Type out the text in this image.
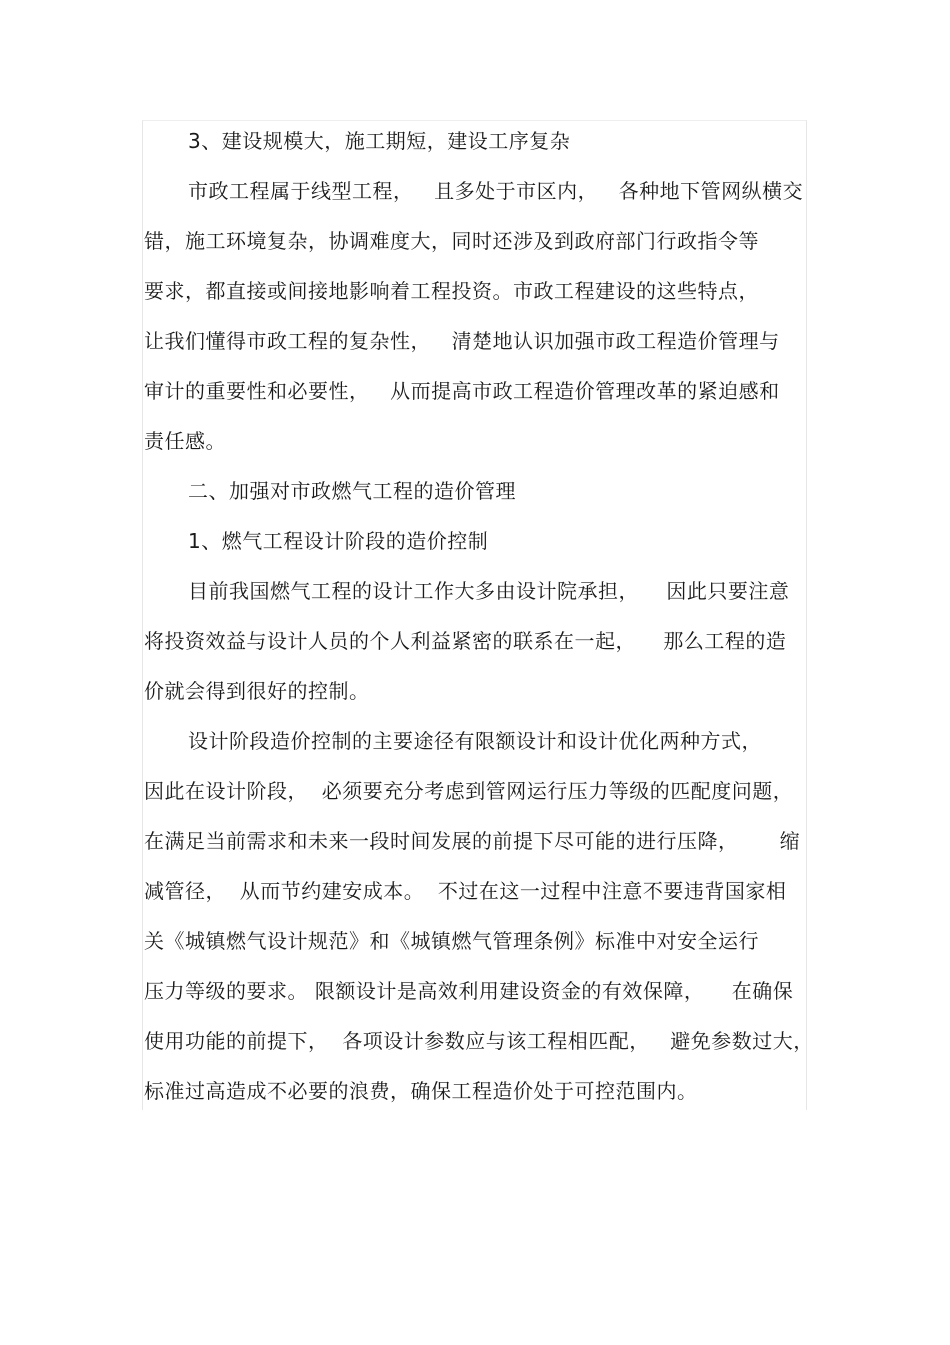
3、建设规模大，施工期短，建设工序复杂
市政工程属于线型工程，   且多处于市区内，   各种地下管网纵横交
错，施工环境复杂，协调难度大，同时还涉及到政府部门行政指令等
要求，都直接或间接地影响着工程投资。市政工程建设的这些特点，
让我们懂得市政工程的复杂性，   清楚地认识加强市政工程造价管理与
审计的重要性和必要性，   从而提高市政工程造价管理改革的紧迫感和
责任感。
二、加强对市政燃气工程的造价管理
1、燃气工程设计阶段的造价控制
目前我国燃气工程的设计工作大多由设计院承担，    因此只要注意
将投资效益与设计人员的个人利益紧密的联系在一起，    那么工程的造
价就会得到很好的控制。
设计阶段造价控制的主要途径有限额设计和设计优化两种方式，
因此在设计阶段，  必须要充分考虑到管网运行压力等级的匹配度问题，
在满足当前需求和未来一段时间发展的前提下尽可能的进行压降，      缩
减管径，  从而节约建安成本。  不过在这一过程中注意不要违背国家相
关《城镇燃气设计规范》和《城镇燃气管理条例》标准中对安全运行
压力等级的要求。 限额设计是高效利用建设资金的有效保障，    在确保
使用功能的前提下，  各项设计参数应与该工程相匹配，   避免参数过大，
标准过高造成不必要的浪费，确保工程造价处于可控范围内。
